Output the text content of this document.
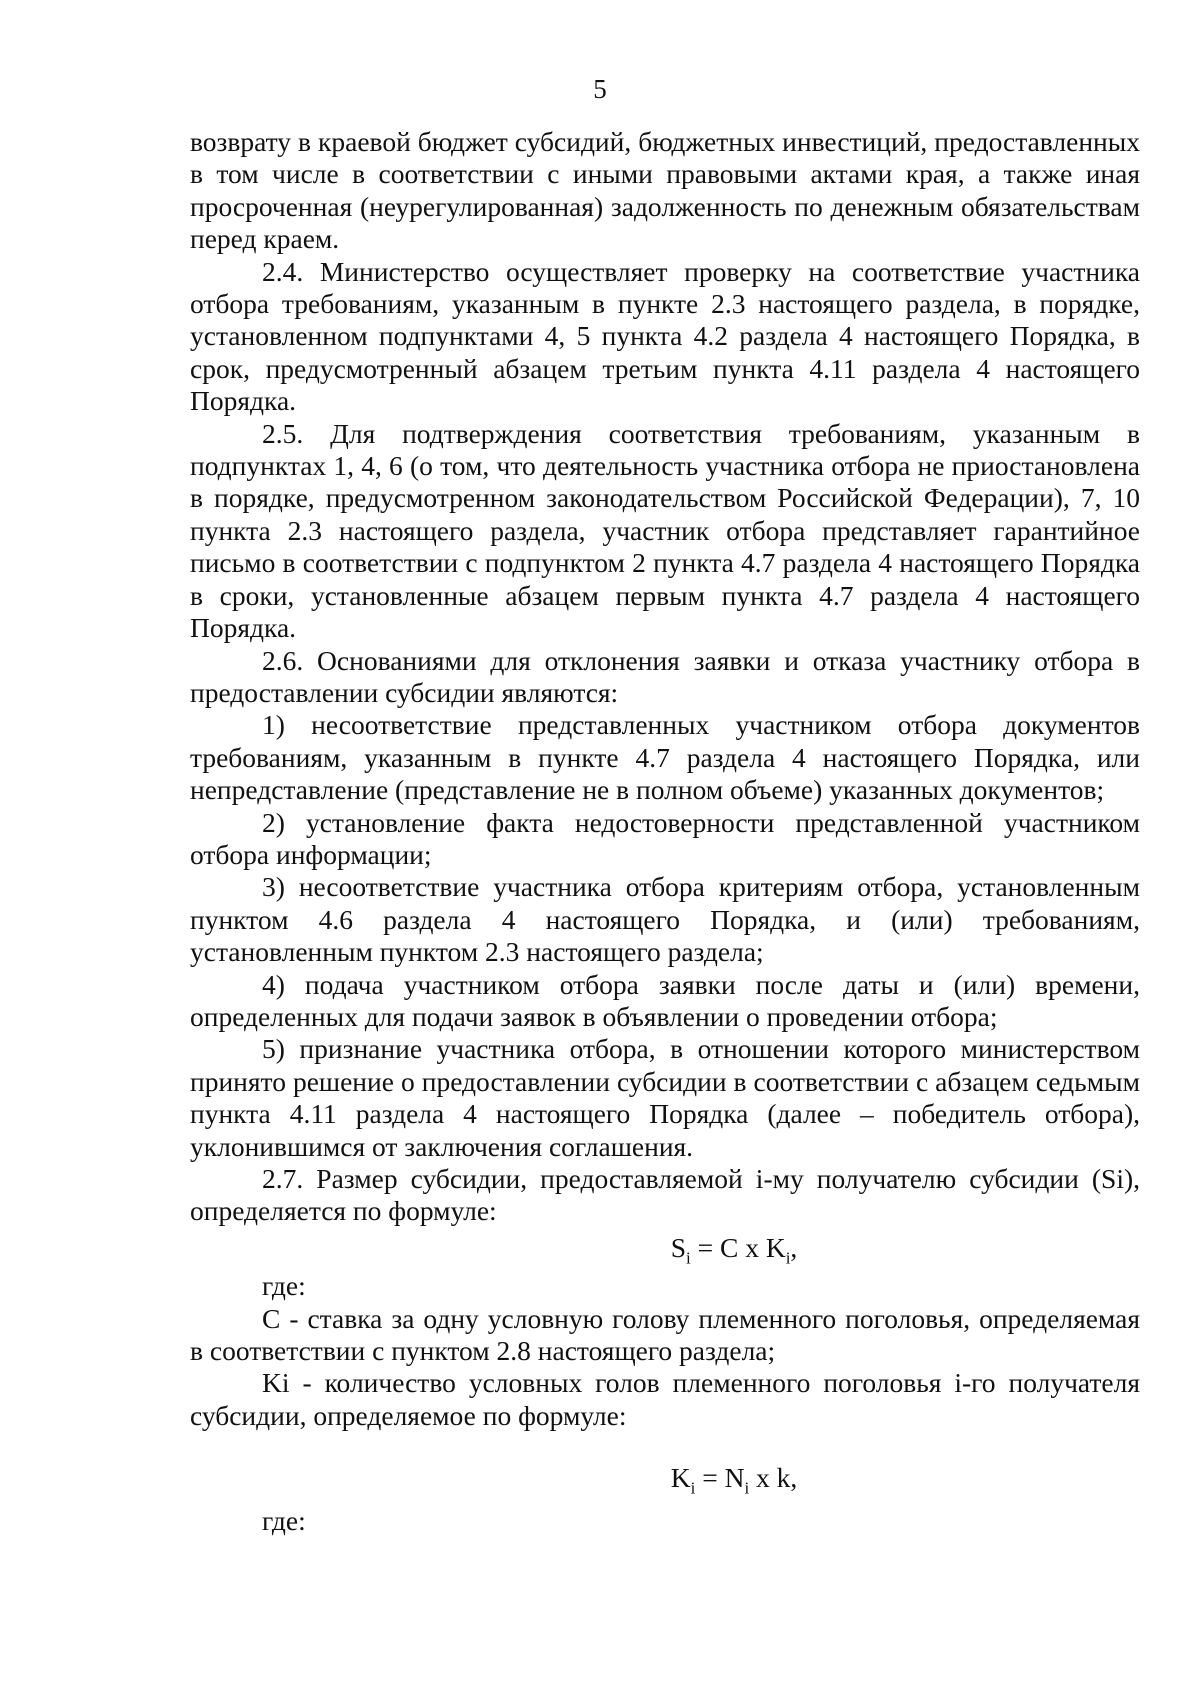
5

возврату в краевой бюджет субсидий, бюджетных инвестиций, предоставленных в том числе в соответствии с иными правовыми актами края, а также иная просроченная (неурегулированная) задолженность по денежным обязательствам перед краем.

2.4. Министерство осуществляет проверку на соответствие участника отбора требованиям, указанным в пункте 2.3 настоящего раздела, в порядке, установленном подпунктами 4, 5 пункта 4.2 раздела 4 настоящего Порядка, в срок, предусмотренный абзацем третьим пункта 4.11 раздела 4 настоящего Порядка.

2.5. Для подтверждения соответствия требованиям, указанным в подпунктах 1, 4, 6 (о том, что деятельность участника отбора не приостановлена в порядке, предусмотренном законодательством Российской Федерации), 7, 10 пункта 2.3 настоящего раздела, участник отбора представляет гарантийное письмо в соответствии с подпунктом 2 пункта 4.7 раздела 4 настоящего Порядка в сроки, установленные абзацем первым пункта 4.7 раздела 4 настоящего Порядка.

2.6. Основаниями для отклонения заявки и отказа участнику отбора в предоставлении субсидии являются:

1) несоответствие представленных участником отбора документов требованиям, указанным в пункте 4.7 раздела 4 настоящего Порядка, или непредставление (представление не в полном объеме) указанных документов;

2) установление факта недостоверности представленной участником отбора информации;

3) несоответствие участника отбора критериям отбора, установленным пунктом 4.6 раздела 4 настоящего Порядка, и (или) требованиям, установленным пунктом 2.3 настоящего раздела;

4) подача участником отбора заявки после даты и (или) времени, определенных для подачи заявок в объявлении о проведении отбора;

5) признание участника отбора, в отношении которого министерством принято решение о предоставлении субсидии в соответствии с абзацем седьмым пункта 4.11 раздела 4 настоящего Порядка (далее – победитель отбора), уклонившимся от заключения соглашения.

2.7. Размер субсидии, предоставляемой i-му получателю субсидии (Si), определяется по формуле:

$S_i = C$ x $K_i$,

где:

C - ставка за одну условную голову племенного поголовья, определяемая в соответствии с пунктом 2.8 настоящего раздела;

Ki - количество условных голов племенного поголовья i-го получателя субсидии, определяемое по формуле:

$K_i = N_i$ x k,

где:
